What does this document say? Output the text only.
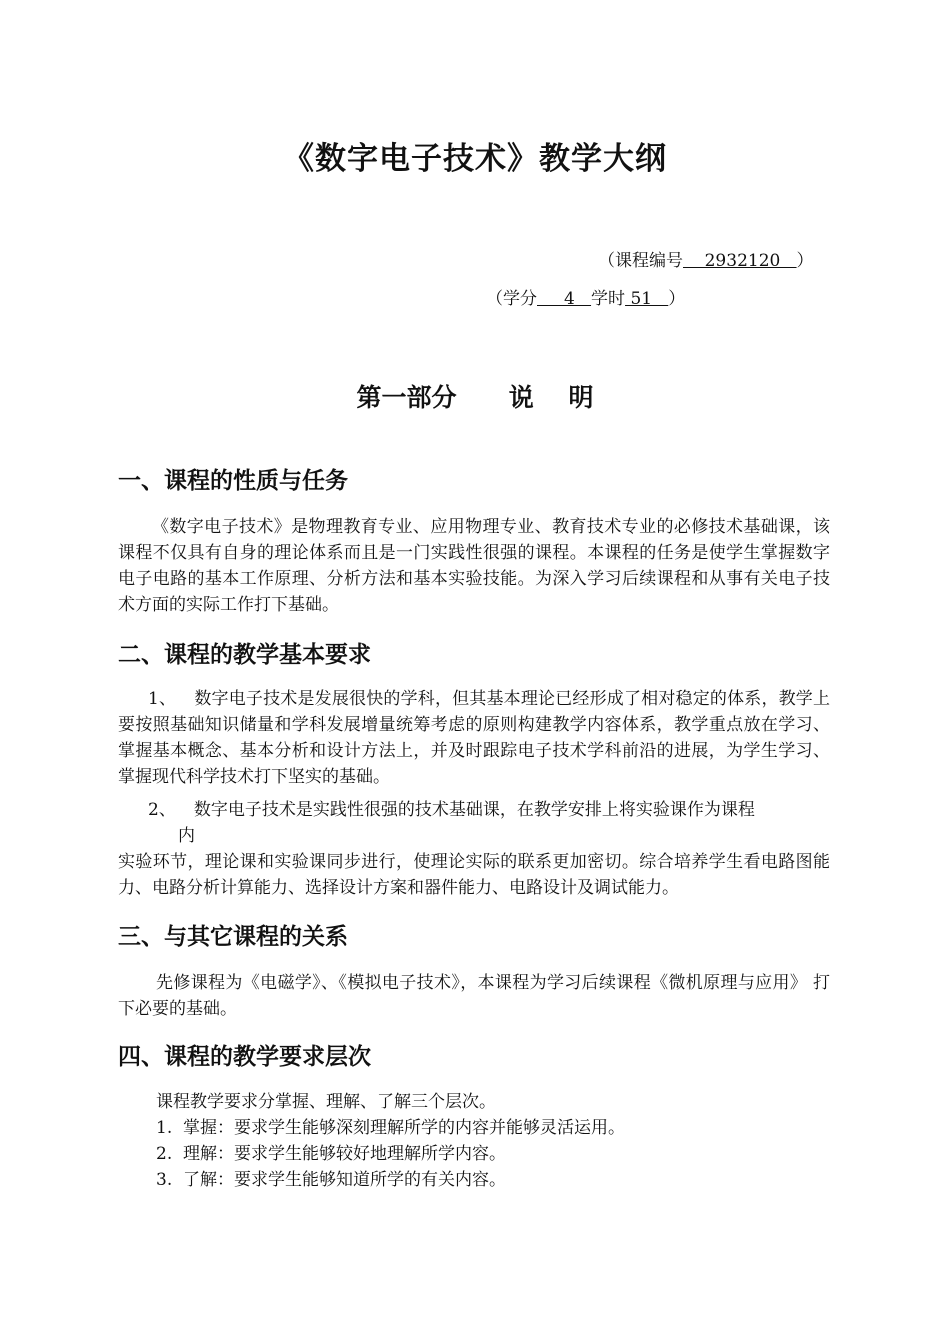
《数字电子技术》教学大纲
（课程编号    2932120   ）
（学分     4   学时 51   ）
第一部分      说    明
一、课程的性质与任务

《数字电子技术》是物理教育专业、应用物理专业、教育技术专业的必修技术基础课，该课程不仅具有自身的理论体系而且是一门实践性很强的课程。本课程的任务是使学生掌握数字电子电路的基本工作原理、分析方法和基本实验技能。为深入学习后续课程和从事有关电子技术方面的实际工作打下基础。

二、课程的教学基本要求

1、 数字电子技术是发展很快的学科，但其基本理论已经形成了相对稳定的体系，教学上要按照基础知识储量和学科发展增量统筹考虑的原则构建教学内容体系，教学重点放在学习、掌握基本概念、基本分析和设计方法上，并及时跟踪电子技术学科前沿的进展，为学生学习、掌握现代科学技术打下坚实的基础。

2、 数字电子技术是实践性很强的技术基础课，在教学安排上将实验课作为课程
内

实验环节，理论课和实验课同步进行，使理论实际的联系更加密切。综合培养学生看电路图能力、电路分析计算能力、选择设计方案和器件能力、电路设计及调试能力。

三、与其它课程的关系

先修课程为《电磁学》、《模拟电子技术》，本课程为学习后续课程《微机原理与应用》 打下必要的基础。

四、课程的教学要求层次
课程教学要求分掌握、理解、了解三个层次。
1.  掌握：要求学生能够深刻理解所学的内容并能够灵活运用。
2.  理解：要求学生能够较好地理解所学内容。
3.  了解：要求学生能够知道所学的有关内容。
